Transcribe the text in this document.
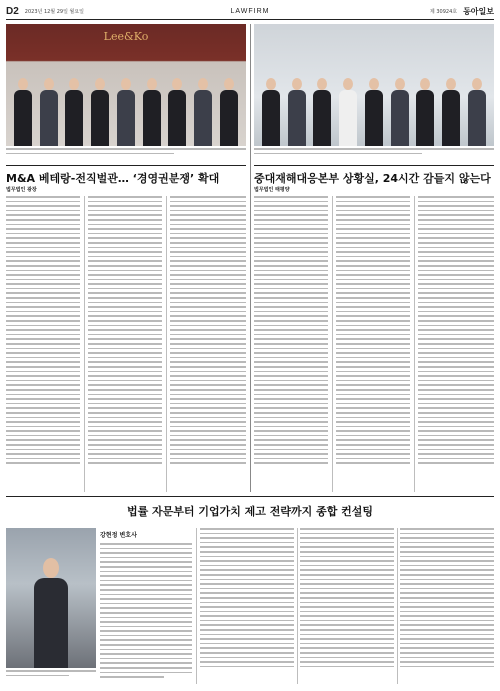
D2 2023년 12월 29일 월요일	LAWFIRM	제 30924호 동아일보
Lee&Ko
M&A 베테랑-전직벌관… ‘경영권분쟁’ 확대	중대재해대응본부 상황실, 24시간 감듵지 않는다
법무법인 광장	법무법인 태평양
법률 자문부터 기업가치 제고 전략까지 종합 컨설팅
강현정 변호사
